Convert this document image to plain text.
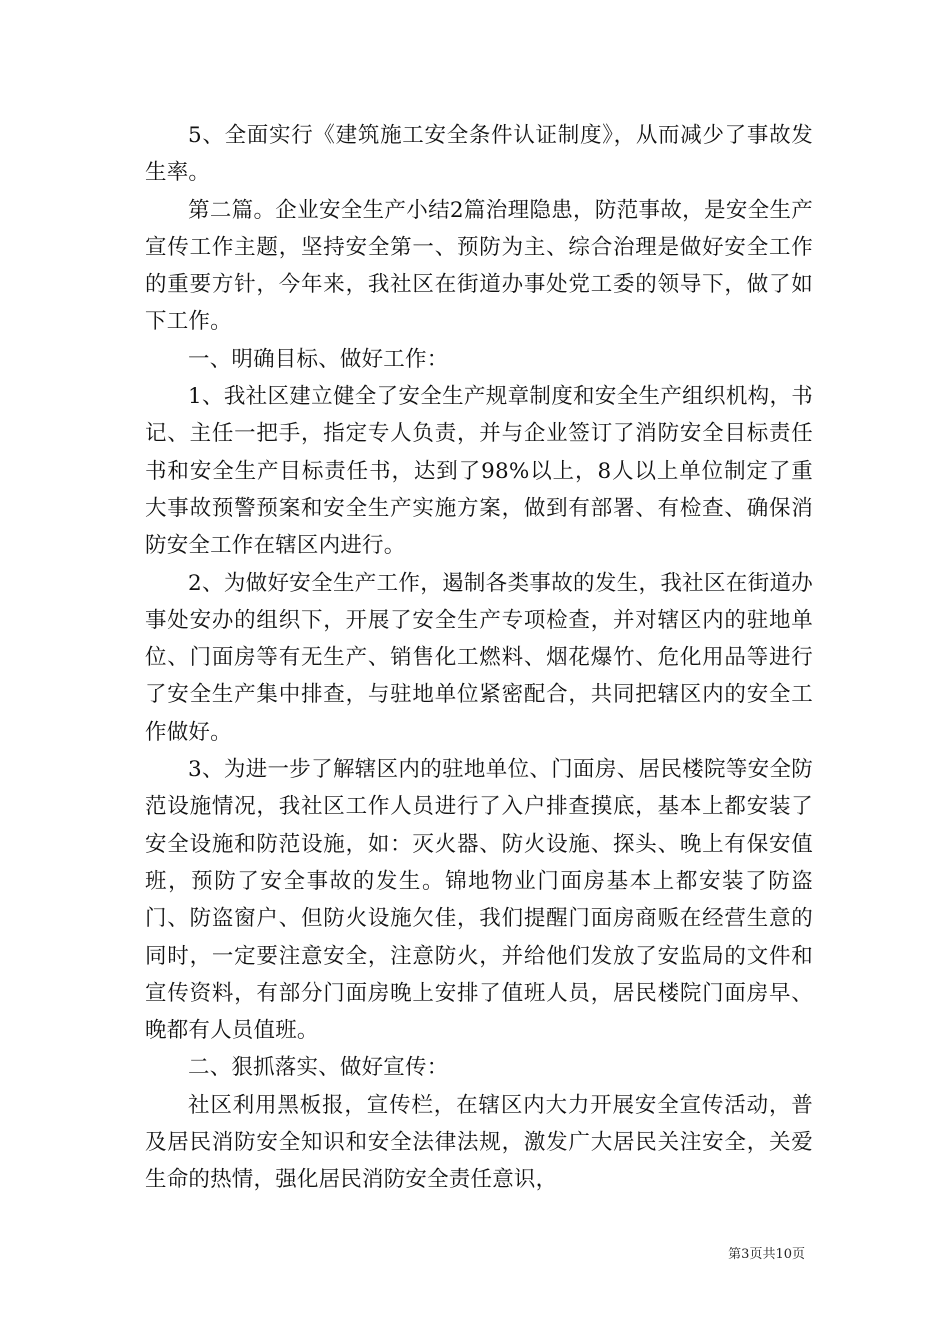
5、全面实行《建筑施工安全条件认证制度》，从而减少了事故发生率。

第二篇。企业安全生产小结2篇治理隐患，防范事故，是安全生产宣传工作主题，坚持安全第一、预防为主、综合治理是做好安全工作的重要方针，今年来，我社区在街道办事处党工委的领导下，做了如下工作。

一、明确目标、做好工作：

1、我社区建立健全了安全生产规章制度和安全生产组织机构，书记、主任一把手，指定专人负责，并与企业签订了消防安全目标责任书和安全生产目标责任书，达到了98%以上，8人以上单位制定了重大事故预警预案和安全生产实施方案，做到有部署、有检查、确保消防安全工作在辖区内进行。

2、为做好安全生产工作，遏制各类事故的发生，我社区在街道办事处安办的组织下，开展了安全生产专项检查，并对辖区内的驻地单位、门面房等有无生产、销售化工燃料、烟花爆竹、危化用品等进行了安全生产集中排查，与驻地单位紧密配合，共同把辖区内的安全工作做好。

3、为进一步了解辖区内的驻地单位、门面房、居民楼院等安全防范设施情况，我社区工作人员进行了入户排查摸底，基本上都安装了安全设施和防范设施，如：灭火器、防火设施、探头、晚上有保安值班，预防了安全事故的发生。锦地物业门面房基本上都安装了防盗门、防盗窗户、但防火设施欠佳，我们提醒门面房商贩在经营生意的同时，一定要注意安全，注意防火，并给他们发放了安监局的文件和宣传资料，有部分门面房晚上安排了值班人员，居民楼院门面房早、晚都有人员值班。

二、狠抓落实、做好宣传：

社区利用黑板报，宣传栏，在辖区内大力开展安全宣传活动，普及居民消防安全知识和安全法律法规，激发广大居民关注安全，关爱生命的热情，强化居民消防安全责任意识，

第3页共10页
